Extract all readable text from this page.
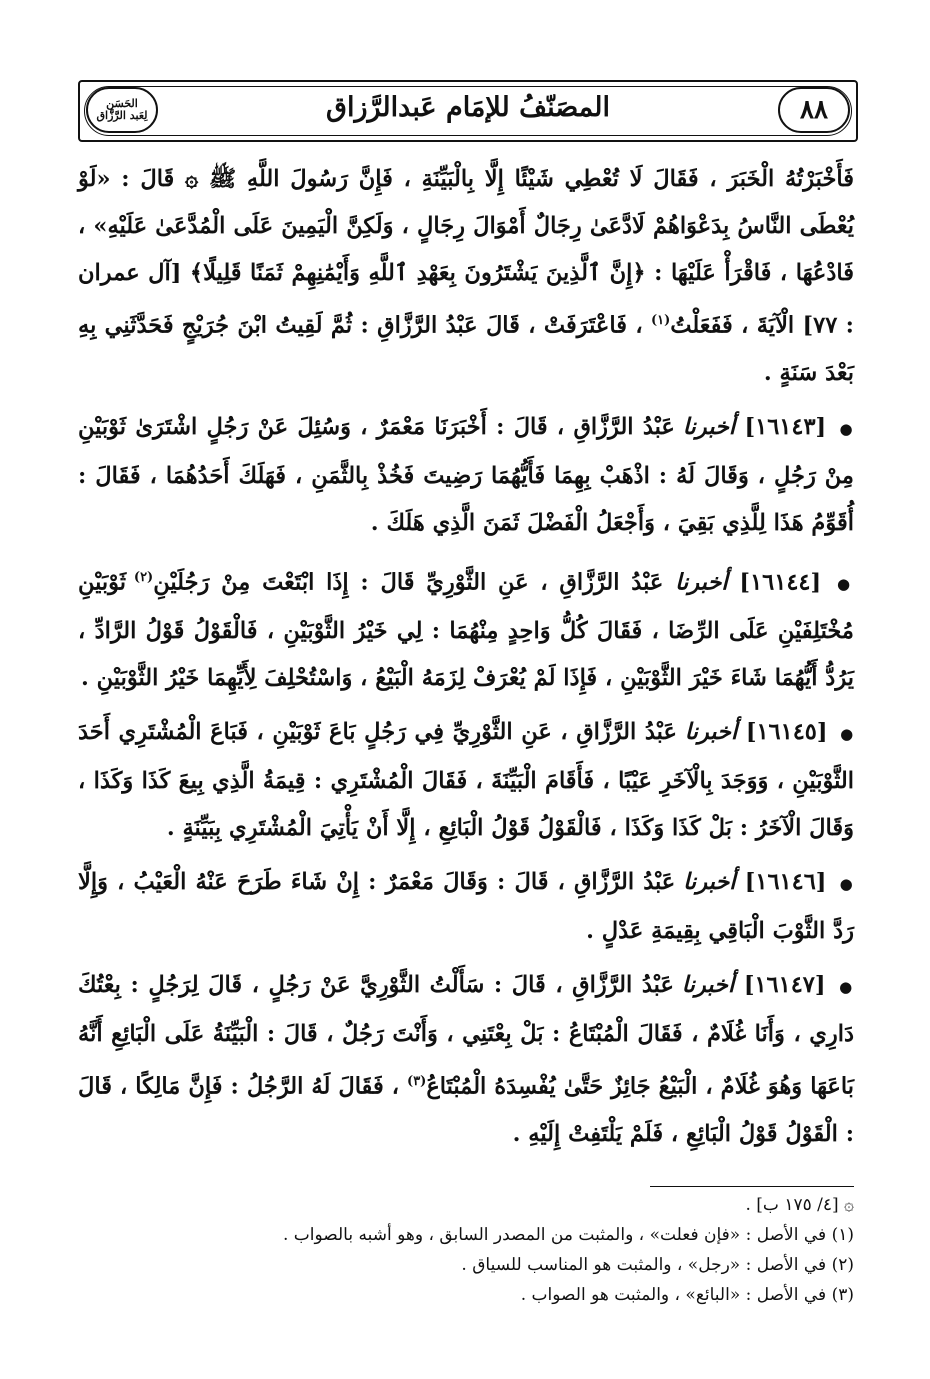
الحَسَن
لِعَبد الرَّزَّاق	المصَنّفُ للإمَام عَبدالرَّزاق	٨٨

فَأَخْبَرْتُهُ الْخَبَرَ ، فَقَالَ لَا تُعْطِي شَيْئًا إِلَّا بِالْبَيِّنَةِ ، فَإِنَّ رَسُولَ اللَّهِ ﷺ ۞ قَالَ : «لَوْ يُعْطَى النَّاسُ بِدَعْوَاهُمْ لَادَّعَىٰ رِجَالٌ أَمْوَالَ رِجَالٍ ، وَلَكِنَّ الْيَمِينَ عَلَى الْمُدَّعَىٰ عَلَيْهِ» ، فَادْعُهَا ، فَاقْرَأْ عَلَيْهَا : ﴿إِنَّ ٱلَّذِينَ يَشْتَرُونَ بِعَهْدِ ٱللَّهِ وَأَيْمَٰنِهِمْ ثَمَنًا قَلِيلًا﴾ [آل عمران : ٧٧] الْآيَةَ ، فَفَعَلْتُ$^{(١)}$ ، فَاعْتَرَفَتْ ، قَالَ عَبْدُ الرَّزَّاقِ : ثُمَّ لَقِيتُ ابْنَ جُرَيْجٍ فَحَدَّثَنِي بِهِ بَعْدَ سَنَةٍ .

● [١٦١٤٣] أخبرنا عَبْدُ الرَّزَّاقِ ، قَالَ : أَخْبَرَنَا مَعْمَرٌ ، وَسُئِلَ عَنْ رَجُلٍ اشْتَرَىٰ ثَوْبَيْنِ مِنْ رَجُلٍ ، وَقَالَ لَهُ : اذْهَبْ بِهِمَا فَأَيُّهُمَا رَضِيتَ فَخُذْ بِالثَّمَنِ ، فَهَلَكَ أَحَدُهُمَا ، فَقَالَ : أُقَوِّمُ هَذَا لِلَّذِي بَقِيَ ، وَأَجْعَلُ الْفَضْلَ ثَمَنَ الَّذِي هَلَكَ .

● [١٦١٤٤] أخبرنا عَبْدُ الرَّزَّاقِ ، عَنِ الثَّوْرِيِّ قَالَ : إِذَا ابْتَعْتَ مِنْ رَجُلَيْنِ$^{(٢)}$ ثَوْبَيْنِ مُخْتَلِفَيْنِ عَلَى الرِّضَا ، فَقَالَ كُلُّ وَاحِدٍ مِنْهُمَا : لِي خَيْرُ الثَّوْبَيْنِ ، فَالْقَوْلُ قَوْلُ الرَّادِّ ، يَرُدُّ أَيُّهُمَا شَاءَ خَيْرَ الثَّوْبَيْنِ ، فَإِذَا لَمْ يُعْرَفْ لِزَمَهُ الْبَيْعُ ، وَاسْتُحْلِفَ لِأَيِّهِمَا خَيْرُ الثَّوْبَيْنِ .

● [١٦١٤٥] أخبرنا عَبْدُ الرَّزَّاقِ ، عَنِ الثَّوْرِيِّ فِي رَجُلٍ بَاعَ ثَوْبَيْنِ ، فَبَاعَ الْمُشْتَرِي أَحَدَ الثَّوْبَيْنِ ، وَوَجَدَ بِالْآخَرِ عَيْبًا ، فَأَقَامَ الْبَيِّنَةَ ، فَقَالَ الْمُشْتَرِي : قِيمَةُ الَّذِي بِيعَ كَذَا وَكَذَا ، وَقَالَ الْآخَرُ : بَلْ كَذَا وَكَذَا ، فَالْقَوْلُ قَوْلُ الْبَائِعِ ، إِلَّا أَنْ يَأْتِيَ الْمُشْتَرِي بِبَيِّنَةٍ .

● [١٦١٤٦] أخبرنا عَبْدُ الرَّزَّاقِ ، قَالَ : وَقَالَ مَعْمَرٌ : إِنْ شَاءَ طَرَحَ عَنْهُ الْعَيْبُ ، وَإِلَّا رَدَّ الثَّوْبَ الْبَاقِي بِقِيمَةِ عَدْلٍ .

● [١٦١٤٧] أخبرنا عَبْدُ الرَّزَّاقِ ، قَالَ : سَأَلْتُ الثَّوْرِيَّ عَنْ رَجُلٍ ، قَالَ لِرَجُلٍ : بِعْتُكَ دَارِي ، وَأَنَا غُلَامٌ ، فَقَالَ الْمُبْتَاعُ : بَلْ بِعْتَنِي ، وَأَنْتَ رَجُلٌ ، قَالَ : الْبَيِّنَةُ عَلَى الْبَائِعِ أَنَّهُ بَاعَهَا وَهُوَ غُلَامٌ ، الْبَيْعُ جَائِزٌ حَتَّىٰ يُفْسِدَهُ الْمُبْتَاعُ$^{(٣)}$ ، فَقَالَ لَهُ الرَّجُلُ : فَإِنَّ مَالِكًا ، قَالَ : الْقَوْلُ قَوْلُ الْبَائِعِ ، فَلَمْ يَلْتَفِتْ إِلَيْهِ .

۞ [٤/ ١٧٥ ب] .

(١) في الأصل : «فإن فعلت» ، والمثبت من المصدر السابق ، وهو أشبه بالصواب .

(٢) في الأصل : «رجل» ، والمثبت هو المناسب للسياق .

(٣) في الأصل : «البائع» ، والمثبت هو الصواب .
